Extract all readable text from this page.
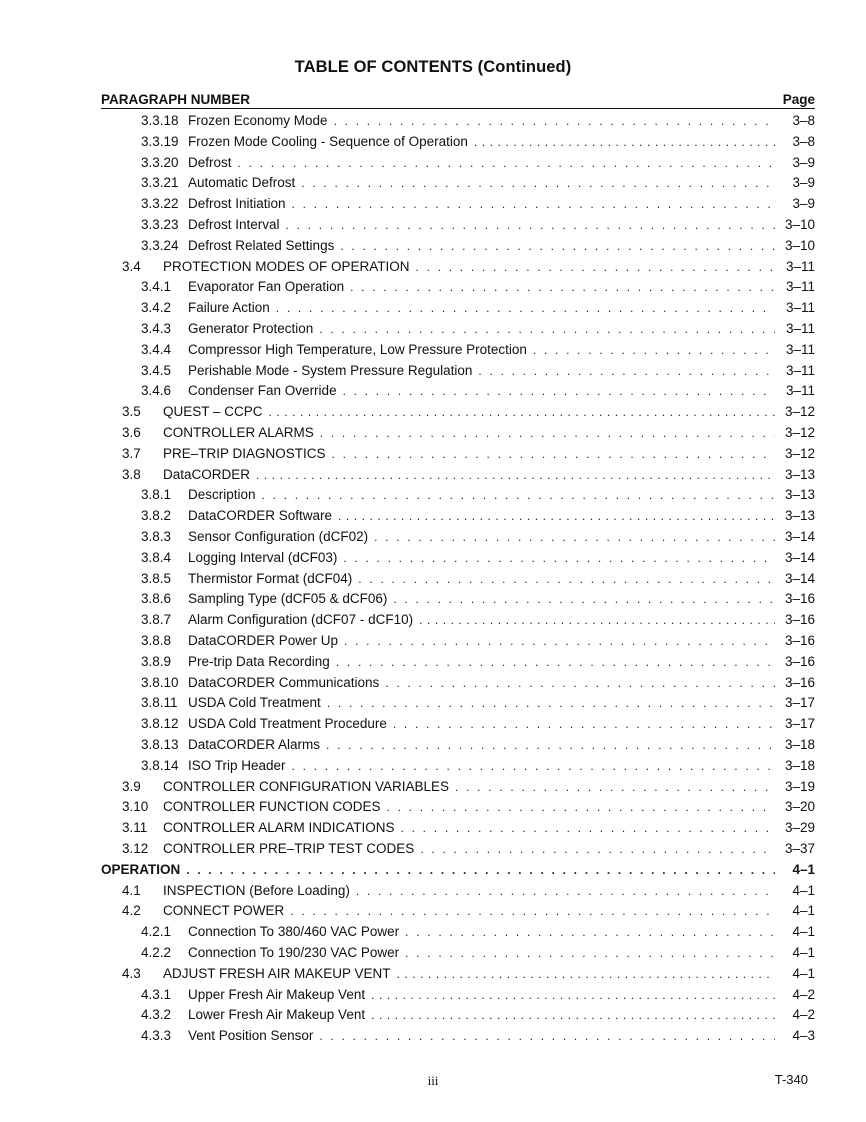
TABLE OF CONTENTS (Continued)
PARAGRAPH NUMBER	Page
3.3.18 Frozen Economy Mode . . .	3–8
3.3.19 Frozen Mode Cooling - Sequence of Operation . . .	3–8
3.3.20 Defrost . . .	3–9
3.3.21 Automatic Defrost . . .	3–9
3.3.22 Defrost Initiation . . .	3–9
3.3.23 Defrost Interval . . .	3–10
3.3.24 Defrost Related Settings . . .	3–10
3.4	PROTECTION MODES OF OPERATION . . .	3–11
3.4.1	Evaporator Fan Operation . . .	3–11
3.4.2	Failure Action . . .	3–11
3.4.3	Generator Protection . . .	3–11
3.4.4	Compressor High Temperature, Low Pressure Protection . . .	3–11
3.4.5	Perishable Mode - System Pressure Regulation . . .	3–11
3.4.6	Condenser Fan Override . . .	3–11
3.5	QUEST – CCPC . . .	3–12
3.6	CONTROLLER ALARMS . . .	3–12
3.7	PRE–TRIP DIAGNOSTICS . . .	3–12
3.8	DataCORDER . . .	3–13
3.8.1	Description . . .	3–13
3.8.2	DataCORDER Software . . .	3–13
3.8.3	Sensor Configuration (dCF02) . . .	3–14
3.8.4	Logging Interval (dCF03) . . .	3–14
3.8.5	Thermistor Format (dCF04) . . .	3–14
3.8.6	Sampling Type (dCF05 & dCF06) . . .	3–16
3.8.7	Alarm Configuration (dCF07 - dCF10) . . .	3–16
3.8.8	DataCORDER Power Up . . .	3–16
3.8.9	Pre-trip Data Recording . . .	3–16
3.8.10 DataCORDER Communications . . .	3–16
3.8.11 USDA Cold Treatment . . .	3–17
3.8.12 USDA Cold Treatment Procedure . . .	3–17
3.8.13 DataCORDER Alarms . . .	3–18
3.8.14 ISO Trip Header . . .	3–18
3.9	CONTROLLER CONFIGURATION VARIABLES . . .	3–19
3.10	CONTROLLER FUNCTION CODES . . .	3–20
3.11	CONTROLLER ALARM INDICATIONS . . .	3–29
3.12	CONTROLLER PRE–TRIP TEST CODES . . .	3–37
OPERATION . . .	4–1
4.1	INSPECTION (Before Loading) . . .	4–1
4.2	CONNECT POWER . . .	4–1
4.2.1	Connection To 380/460 VAC Power . . .	4–1
4.2.2	Connection To 190/230 VAC Power . . .	4–1
4.3	ADJUST FRESH AIR MAKEUP VENT . . .	4–1
4.3.1	Upper Fresh Air Makeup Vent . . .	4–2
4.3.2	Lower Fresh Air Makeup Vent . . .	4–2
4.3.3	Vent Position Sensor . . .	4–3
iii	T-340
